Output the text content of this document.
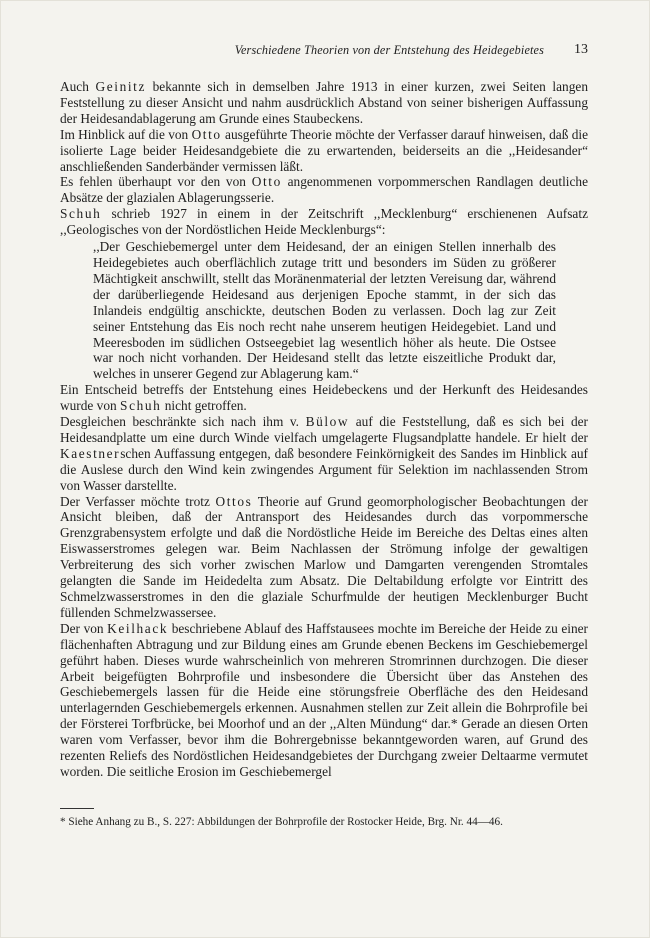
Verschiedene Theorien von der Entstehung des Heidegebietes 13

Auch Geinitz bekannte sich in demselben Jahre 1913 in einer kurzen, zwei Seiten langen Feststellung zu dieser Ansicht und nahm ausdrücklich Abstand von seiner bisherigen Auffassung der Heidesandablagerung am Grunde eines Staubeckens.

Im Hinblick auf die von Otto ausgeführte Theorie möchte der Verfasser darauf hinweisen, daß die isolierte Lage beider Heidesandgebiete die zu erwartenden, beiderseits an die ,,Heidesander“ anschließenden Sanderbänder vermissen läßt.

Es fehlen überhaupt vor den von Otto angenommenen vorpommerschen Randlagen deutliche Absätze der glazialen Ablagerungsserie.

Schuh schrieb 1927 in einem in der Zeitschrift ,,Mecklenburg“ erschienenen Aufsatz ,,Geologisches von der Nordöstlichen Heide Mecklenburgs“:

,,Der Geschiebemergel unter dem Heidesand, der an einigen Stellen innerhalb des Heidegebietes auch oberflächlich zutage tritt und besonders im Süden zu größerer Mächtigkeit anschwillt, stellt das Moränenmaterial der letzten Vereisung dar, während der darüberliegende Heidesand aus derjenigen Epoche stammt, in der sich das Inlandeis endgültig anschickte, deutschen Boden zu verlassen. Doch lag zur Zeit seiner Entstehung das Eis noch recht nahe unserem heutigen Heidegebiet. Land und Meeresboden im südlichen Ostseegebiet lag wesentlich höher als heute. Die Ostsee war noch nicht vorhanden. Der Heidesand stellt das letzte eiszeitliche Produkt dar, welches in unserer Gegend zur Ablagerung kam.“

Ein Entscheid betreffs der Entstehung eines Heidebeckens und der Herkunft des Heidesandes wurde von Schuh nicht getroffen.

Desgleichen beschränkte sich nach ihm v. Bülow auf die Feststellung, daß es sich bei der Heidesandplatte um eine durch Winde vielfach umgelagerte Flugsandplatte handele. Er hielt der Kaestnerschen Auffassung entgegen, daß besondere Feinkörnigkeit des Sandes im Hinblick auf die Auslese durch den Wind kein zwingendes Argument für Selektion im nachlassenden Strom von Wasser darstellte.

Der Verfasser möchte trotz Ottos Theorie auf Grund geomorphologischer Beobachtungen der Ansicht bleiben, daß der Antransport des Heidesandes durch das vorpommersche Grenzgrabensystem erfolgte und daß die Nordöstliche Heide im Bereiche des Deltas eines alten Eiswasserstromes gelegen war. Beim Nachlassen der Strömung infolge der gewaltigen Verbreiterung des sich vorher zwischen Marlow und Damgarten verengenden Stromtales gelangten die Sande im Heidedelta zum Absatz. Die Deltabildung erfolgte vor Eintritt des Schmelzwasserstromes in den die glaziale Schurfmulde der heutigen Mecklenburger Bucht füllenden Schmelzwassersee.

Der von Keilhack beschriebene Ablauf des Haffstausees mochte im Bereiche der Heide zu einer flächenhaften Abtragung und zur Bildung eines am Grunde ebenen Beckens im Geschiebemergel geführt haben. Dieses wurde wahrscheinlich von mehreren Stromrinnen durchzogen. Die dieser Arbeit beigefügten Bohrprofile und insbesondere die Übersicht über das Anstehen des Geschiebemergels lassen für die Heide eine störungsfreie Oberfläche des den Heidesand unterlagernden Geschiebemergels erkennen. Ausnahmen stellen zur Zeit allein die Bohrprofile bei der Försterei Torfbrücke, bei Moorhof und an der ,,Alten Mündung“ dar.* Gerade an diesen Orten waren vom Verfasser, bevor ihm die Bohrergebnisse bekanntgeworden waren, auf Grund des rezenten Reliefs des Nordöstlichen Heidesandgebietes der Durchgang zweier Deltaarme vermutet worden. Die seitliche Erosion im Geschiebemergel

* Siehe Anhang zu B., S. 227: Abbildungen der Bohrprofile der Rostocker Heide, Brg. Nr. 44—46.
